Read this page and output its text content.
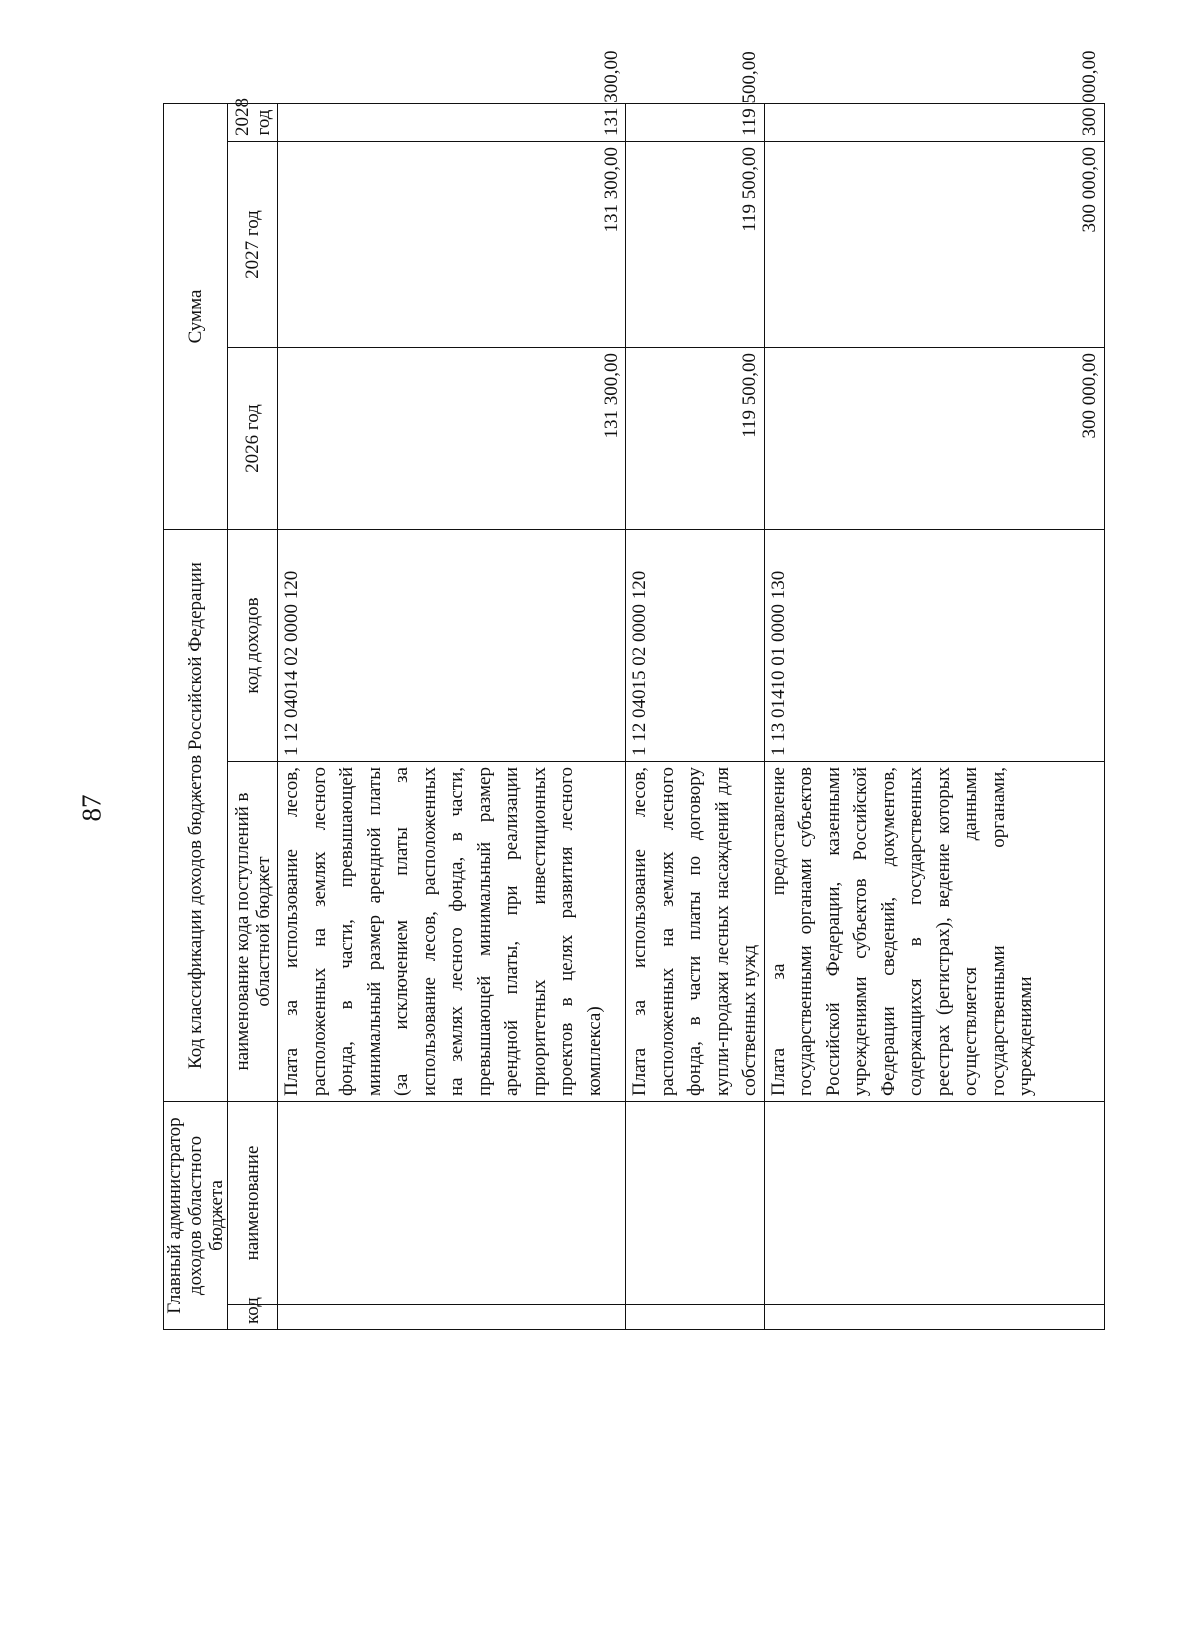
87
Главный администратор доходов областного бюджета		Код классификации доходов бюджетов Российской Федерации		Сумма		
код	наименование	наименование кода поступлений в областной бюджет	код доходов	2026 год	2027 год	2028 год
		Плата за использование лесов, расположенных на землях лесного фонда, в части, превышающей минимальный размер арендной платы (за исключением платы за использование лесов, расположенных на землях лесного фонда, в части, превышающей минимальный размер арендной платы, при реализации приоритетных инвестиционных проектов в целях развития лесного комплекса)	1 12 04014 02 0000 120	131 300,00	131 300,00	131 300,00
		Плата за использование лесов, расположенных на землях лесного фонда, в части платы по договору купли-продажи лесных насаждений для собственных нужд	1 12 04015 02 0000 120	119 500,00	119 500,00	119 500,00
		Плата за предоставление государственными органами субъектов Российской Федерации, казенными учреждениями субъектов Российской Федерации сведений, документов, содержащихся в государственных реестрах (регистрах), ведение которых осуществляется данными государственными органами, учреждениями	1 13 01410 01 0000 130	300 000,00	300 000,00	300 000,00
